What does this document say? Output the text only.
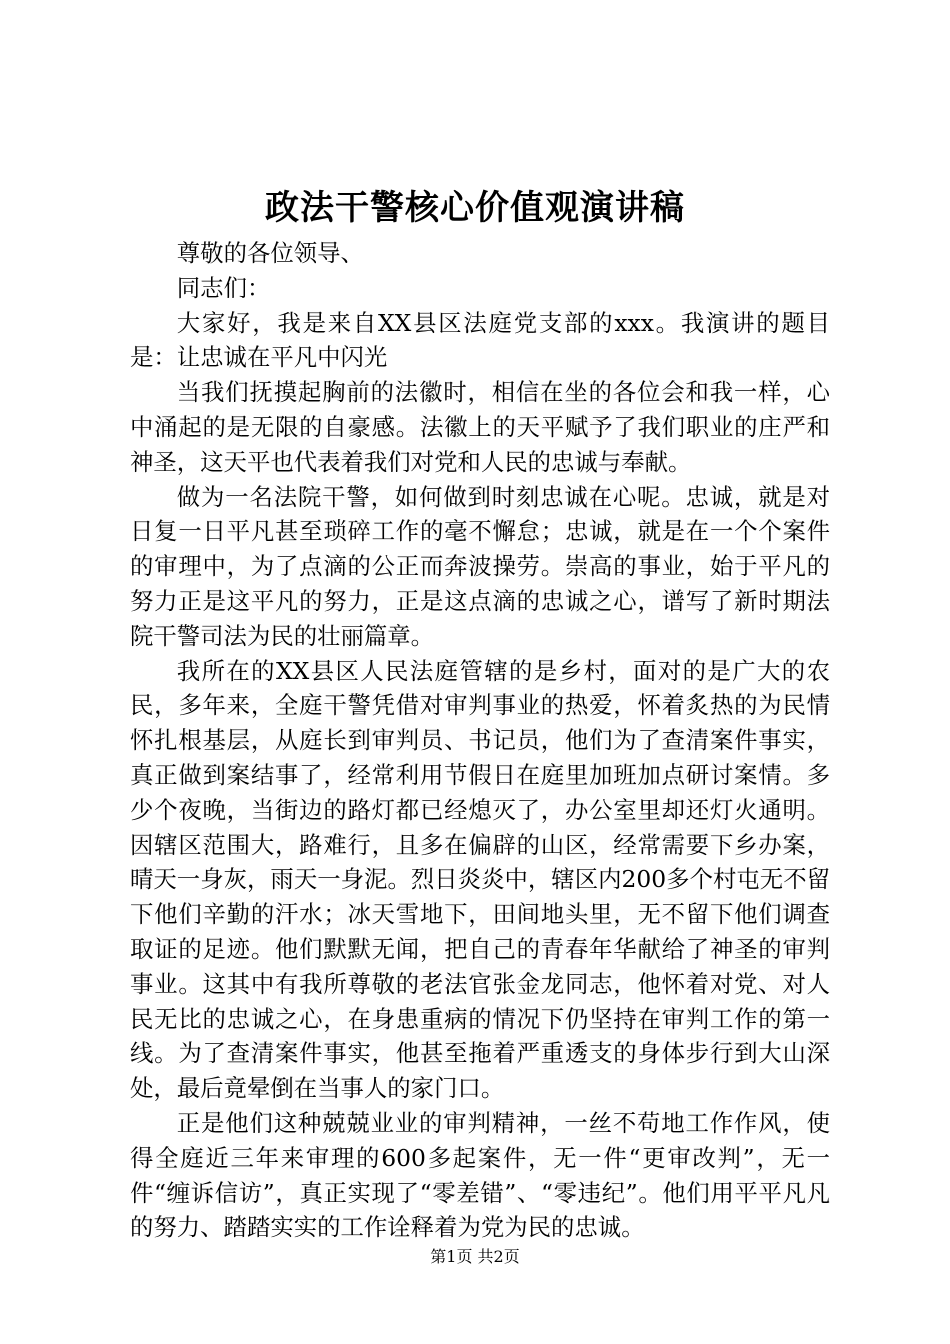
政法干警核心价值观演讲稿

尊敬的各位领导、

同志们：

大家好，我是来自XX县区法庭党支部的xxx。我演讲的题目是：让忠诚在平凡中闪光

当我们抚摸起胸前的法徽时，相信在坐的各位会和我一样，心中涌起的是无限的自豪感。法徽上的天平赋予了我们职业的庄严和神圣，这天平也代表着我们对党和人民的忠诚与奉献。

做为一名法院干警，如何做到时刻忠诚在心呢。忠诚，就是对日复一日平凡甚至琐碎工作的毫不懈怠；忠诚，就是在一个个案件的审理中，为了点滴的公正而奔波操劳。崇高的事业，始于平凡的努力正是这平凡的努力，正是这点滴的忠诚之心，谱写了新时期法院干警司法为民的壮丽篇章。

我所在的XX县区人民法庭管辖的是乡村，面对的是广大的农民，多年来，全庭干警凭借对审判事业的热爱，怀着炙热的为民情怀扎根基层，从庭长到审判员、书记员，他们为了查清案件事实，真正做到案结事了，经常利用节假日在庭里加班加点研讨案情。多少个夜晚，当街边的路灯都已经熄灭了，办公室里却还灯火通明。因辖区范围大，路难行，且多在偏辟的山区，经常需要下乡办案，晴天一身灰，雨天一身泥。烈日炎炎中，辖区内200多个村屯无不留下他们辛勤的汗水；冰天雪地下，田间地头里，无不留下他们调查取证的足迹。他们默默无闻，把自己的青春年华献给了神圣的审判事业。这其中有我所尊敬的老法官张金龙同志，他怀着对党、对人民无比的忠诚之心，在身患重病的情况下仍坚持在审判工作的第一线。为了查清案件事实，他甚至拖着严重透支的身体步行到大山深处，最后竟晕倒在当事人的家门口。

正是他们这种兢兢业业的审判精神，一丝不苟地工作作风，使得全庭近三年来审理的600多起案件，无一件“更审改判”，无一件“缠诉信访”，真正实现了“零差错”、“零违纪”。他们用平平凡凡的努力、踏踏实实的工作诠释着为党为民的忠诚。

第1页 共2页
